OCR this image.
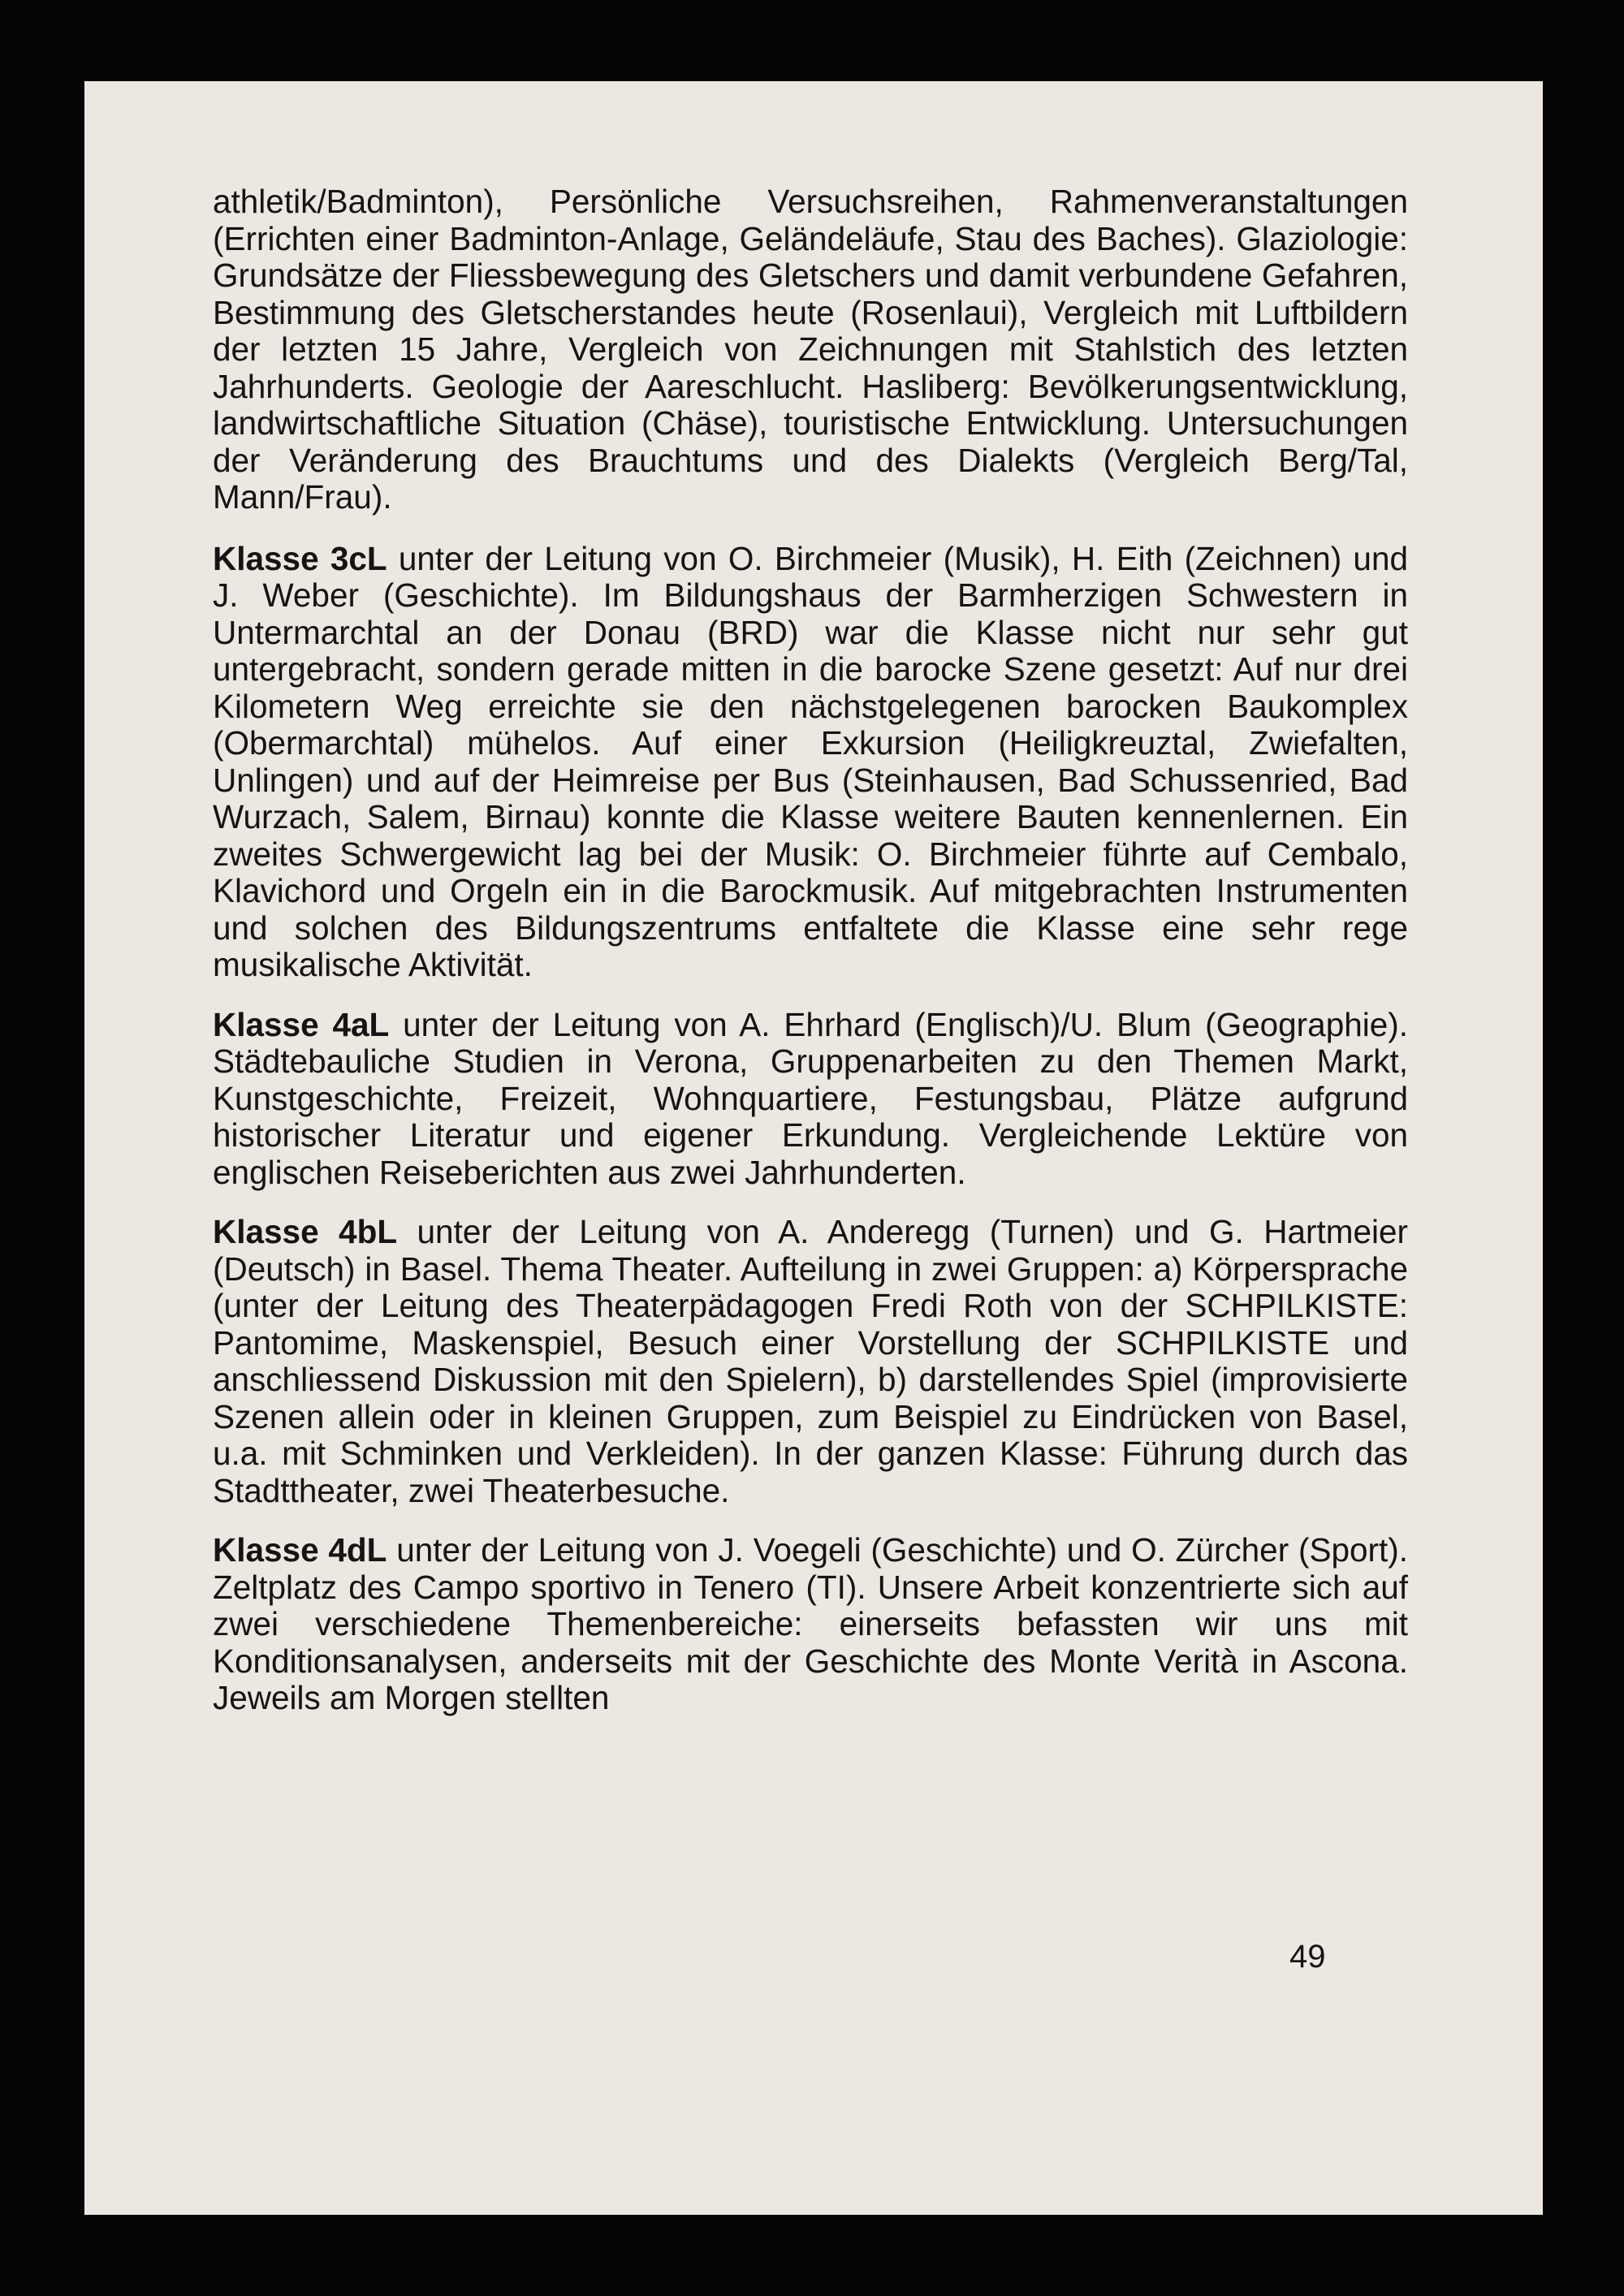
athletik/Badminton), Persönliche Versuchsreihen, Rahmenveranstaltungen (Errichten einer Badminton-Anlage, Geländeläufe, Stau des Baches). Glaziologie: Grundsätze der Fliessbewegung des Gletschers und damit verbundene Gefahren, Bestimmung des Gletscherstandes heute (Rosenlaui), Vergleich mit Luftbildern der letzten 15 Jahre, Vergleich von Zeichnungen mit Stahlstich des letzten Jahrhunderts. Geologie der Aareschlucht. Hasliberg: Bevölkerungsentwicklung, landwirtschaftliche Situation (Chäse), touristische Entwicklung. Untersuchungen der Veränderung des Brauchtums und des Dialekts (Vergleich Berg/Tal, Mann/Frau).

Klasse 3cL unter der Leitung von O. Birchmeier (Musik), H. Eith (Zeichnen) und J. Weber (Geschichte). Im Bildungshaus der Barmherzigen Schwestern in Untermarchtal an der Donau (BRD) war die Klasse nicht nur sehr gut untergebracht, sondern gerade mitten in die barocke Szene gesetzt: Auf nur drei Kilometern Weg erreichte sie den nächstgelegenen barocken Baukomplex (Obermarchtal) mühelos. Auf einer Exkursion (Heiligkreuztal, Zwiefalten, Unlingen) und auf der Heimreise per Bus (Steinhausen, Bad Schussenried, Bad Wurzach, Salem, Birnau) konnte die Klasse weitere Bauten kennenlernen. Ein zweites Schwergewicht lag bei der Musik: O. Birchmeier führte auf Cembalo, Klavichord und Orgeln ein in die Barockmusik. Auf mitgebrachten Instrumenten und solchen des Bildungszentrums entfaltete die Klasse eine sehr rege musikalische Aktivität.

Klasse 4aL unter der Leitung von A. Ehrhard (Englisch)/U. Blum (Geographie). Städtebauliche Studien in Verona, Gruppenarbeiten zu den Themen Markt, Kunstgeschichte, Freizeit, Wohnquartiere, Festungsbau, Plätze aufgrund historischer Literatur und eigener Erkundung. Vergleichende Lektüre von englischen Reiseberichten aus zwei Jahrhunderten.

Klasse 4bL unter der Leitung von A. Anderegg (Turnen) und G. Hartmeier (Deutsch) in Basel. Thema Theater. Aufteilung in zwei Gruppen: a) Körpersprache (unter der Leitung des Theaterpädagogen Fredi Roth von der SCHPILKISTE: Pantomime, Maskenspiel, Besuch einer Vorstellung der SCHPILKISTE und anschliessend Diskussion mit den Spielern), b) darstellendes Spiel (improvisierte Szenen allein oder in kleinen Gruppen, zum Beispiel zu Eindrücken von Basel, u.a. mit Schminken und Verkleiden). In der ganzen Klasse: Führung durch das Stadttheater, zwei Theaterbesuche.

Klasse 4dL unter der Leitung von J. Voegeli (Geschichte) und O. Zürcher (Sport). Zeltplatz des Campo sportivo in Tenero (TI). Unsere Arbeit konzentrierte sich auf zwei verschiedene Themenbereiche: einerseits befassten wir uns mit Konditionsanalysen, anderseits mit der Geschichte des Monte Verità in Ascona. Jeweils am Morgen stellten

49
